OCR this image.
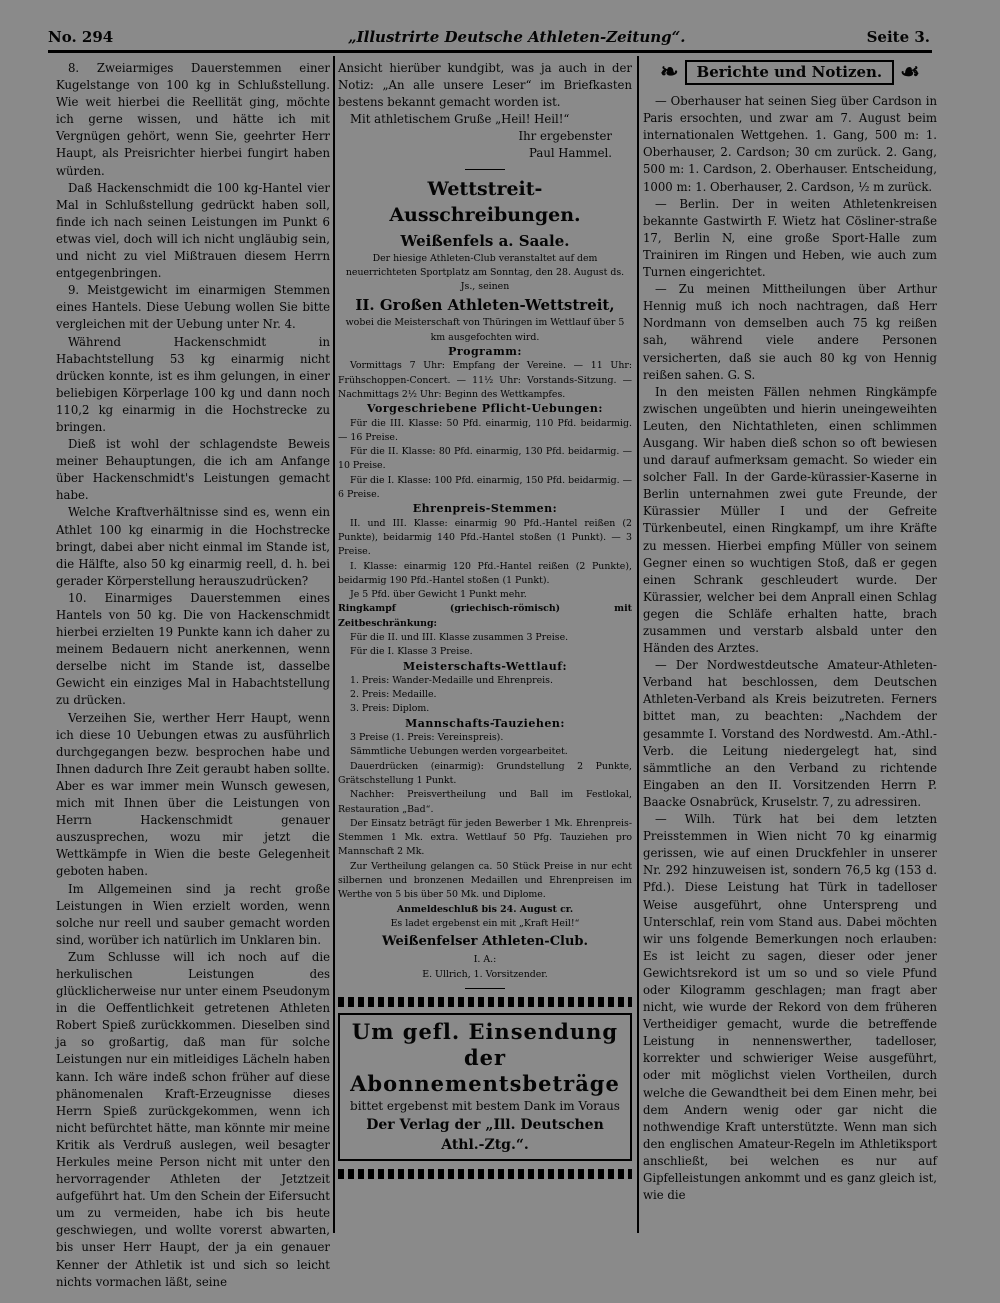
No. 294	„Illustrirte Deutsche Athleten-Zeitung“.	Seite 3.

8. Zweiarmiges Dauerstemmen einer Kugelstange von 100 kg in Schlußstellung. Wie weit hierbei die Reellität ging, möchte ich gerne wissen, und hätte ich mit Vergnügen gehört, wenn Sie, geehrter Herr Haupt, als Preisrichter hierbei fungirt haben würden.

Daß Hackenschmidt die 100 kg-Hantel vier Mal in Schlußstellung gedrückt haben soll, finde ich nach seinen Leistungen im Punkt 6 etwas viel, doch will ich nicht ungläubig sein, und nicht zu viel Mißtrauen diesem Herrn entgegenbringen.

9. Meistgewicht im einarmigen Stemmen eines Hantels. Diese Uebung wollen Sie bitte vergleichen mit der Uebung unter Nr. 4.

Während Hackenschmidt in Habachtstellung 53 kg einarmig nicht drücken konnte, ist es ihm gelungen, in einer beliebigen Körperlage 100 kg und dann noch 110,2 kg einarmig in die Hochstrecke zu bringen.

Dieß ist wohl der schlagendste Beweis meiner Behauptungen, die ich am Anfange über Hackenschmidt's Leistungen gemacht habe.

Welche Kraftverhältnisse sind es, wenn ein Athlet 100 kg einarmig in die Hochstrecke bringt, dabei aber nicht einmal im Stande ist, die Hälfte, also 50 kg einarmig reell, d. h. bei gerader Körperstellung herauszudrücken?

10. Einarmiges Dauerstemmen eines Hantels von 50 kg. Die von Hackenschmidt hierbei erzielten 19 Punkte kann ich daher zu meinem Bedauern nicht anerkennen, wenn derselbe nicht im Stande ist, dasselbe Gewicht ein einziges Mal in Habachtstellung zu drücken.

Verzeihen Sie, werther Herr Haupt, wenn ich diese 10 Uebungen etwas zu ausführlich durchgegangen bezw. besprochen habe und Ihnen dadurch Ihre Zeit geraubt haben sollte. Aber es war immer mein Wunsch gewesen, mich mit Ihnen über die Leistungen von Herrn Hackenschmidt genauer auszusprechen, wozu mir jetzt die Wettkämpfe in Wien die beste Gelegenheit geboten haben.

Im Allgemeinen sind ja recht große Leistungen in Wien erzielt worden, wenn solche nur reell und sauber gemacht worden sind, worüber ich natürlich im Unklaren bin.

Zum Schlusse will ich noch auf die herkulischen Leistungen des glücklicherweise nur unter einem Pseudonym in die Oeffentlichkeit getretenen Athleten Robert Spieß zurückkommen. Dieselben sind ja so großartig, daß man für solche Leistungen nur ein mitleidiges Lächeln haben kann. Ich wäre indeß schon früher auf diese phänomenalen Kraft-Erzeugnisse dieses Herrn Spieß zurückgekommen, wenn ich nicht befürchtet hätte, man könnte mir meine Kritik als Verdruß auslegen, weil besagter Herkules meine Person nicht mit unter den hervorragender Athleten der Jetztzeit aufgeführt hat. Um den Schein der Eifersucht um zu vermeiden, habe ich bis heute geschwiegen, und wollte vorerst abwarten, bis unser Herr Haupt, der ja ein genauer Kenner der Athletik ist und sich so leicht nichts vormachen läßt, seine

Ansicht hierüber kundgibt, was ja auch in der Notiz: „An alle unsere Leser“ im Briefkasten bestens bekannt gemacht worden ist.

Mit athletischem Gruße „Heil! Heil!“

Ihr ergebenster

Paul Hammel.

Wettstreit-Ausschreibungen.
Weißenfels a. Saale.

Der hiesige Athleten-Club veranstaltet auf dem neuerrichteten Sportplatz am Sonntag, den 28. August ds. Js., seinen

II. Großen Athleten-Wettstreit,

wobei die Meisterschaft von Thüringen im Wettlauf über 5 km ausgefochten wird.

Programm:

Vormittags 7 Uhr: Empfang der Vereine. — 11 Uhr: Frühschoppen-Concert. — 11½ Uhr: Vorstands-Sitzung. — Nachmittags 2½ Uhr: Beginn des Wettkampfes.

Vorgeschriebene Pflicht-Uebungen:

Für die III. Klasse: 50 Pfd. einarmig, 110 Pfd. beidarmig. — 16 Preise.

Für die II. Klasse: 80 Pfd. einarmig, 130 Pfd. beidarmig. — 10 Preise.

Für die I. Klasse: 100 Pfd. einarmig, 150 Pfd. beidarmig. — 6 Preise.

Ehrenpreis-Stemmen:

II. und III. Klasse: einarmig 90 Pfd.-Hantel reißen (2 Punkte), beidarmig 140 Pfd.-Hantel stoßen (1 Punkt). — 3 Preise.

I. Klasse: einarmig 120 Pfd.-Hantel reißen (2 Punkte), beidarmig 190 Pfd.-Hantel stoßen (1 Punkt).

Je 5 Pfd. über Gewicht 1 Punkt mehr.

Ringkampf (griechisch-römisch) mit Zeitbeschränkung:

Für die II. und III. Klasse zusammen 3 Preise.

Für die I. Klasse 3 Preise.

Meisterschafts-Wettlauf:

1. Preis: Wander-Medaille und Ehrenpreis.

2. Preis: Medaille.

3. Preis: Diplom.

Mannschafts-Tauziehen:

3 Preise (1. Preis: Vereinspreis).

Sämmtliche Uebungen werden vorgearbeitet.

Dauerdrücken (einarmig): Grundstellung 2 Punkte, Grätschstellung 1 Punkt.

Nachher: Preisvertheilung und Ball im Festlokal, Restauration „Bad“.

Der Einsatz beträgt für jeden Bewerber 1 Mk. Ehrenpreis-Stemmen 1 Mk. extra. Wettlauf 50 Pfg. Tauziehen pro Mannschaft 2 Mk.

Zur Vertheilung gelangen ca. 50 Stück Preise in nur echt silbernen und bronzenen Medaillen und Ehrenpreisen im Werthe von 5 bis über 50 Mk. und Diplome.

Anmeldeschluß bis 24. August cr.

Es ladet ergebenst ein mit „Kraft Heil!“

Weißenfelser Athleten-Club.

I. A.:

E. Ullrich, 1. Vorsitzender.

Um gefl. Einsendung der
Abonnementsbeträge
bittet ergebenst mit bestem Dank im Voraus
Der Verlag der „Ill. Deutschen Athl.-Ztg.“.
❧	Berichte und Notizen. ☙

— Oberhauser hat seinen Sieg über Cardson in Paris ersochten, und zwar am 7. August beim internationalen Wettgehen. 1. Gang, 500 m: 1. Oberhauser, 2. Cardson; 30 cm zurück. 2. Gang, 500 m: 1. Cardson, 2. Oberhauser. Entscheidung, 1000 m: 1. Oberhauser, 2. Cardson, ½ m zurück.

— Berlin. Der in weiten Athletenkreisen bekannte Gastwirth F. Wietz hat Cösliner-straße 17, Berlin N, eine große Sport-Halle zum Trainiren im Ringen und Heben, wie auch zum Turnen eingerichtet.

— Zu meinen Mittheilungen über Arthur Hennig muß ich noch nachtragen, daß Herr Nordmann von demselben auch 75 kg reißen sah, während viele andere Personen versicherten, daß sie auch 80 kg von Hennig reißen sahen. G. S.

In den meisten Fällen nehmen Ringkämpfe zwischen ungeübten und hierin uneingeweihten Leuten, den Nichtathleten, einen schlimmen Ausgang. Wir haben dieß schon so oft bewiesen und darauf aufmerksam gemacht. So wieder ein solcher Fall. In der Garde-kürassier-Kaserne in Berlin unternahmen zwei gute Freunde, der Kürassier Müller I und der Gefreite Türkenbeutel, einen Ringkampf, um ihre Kräfte zu messen. Hierbei empfing Müller von seinem Gegner einen so wuchtigen Stoß, daß er gegen einen Schrank geschleudert wurde. Der Kürassier, welcher bei dem Anprall einen Schlag gegen die Schläfe erhalten hatte, brach zusammen und verstarb alsbald unter den Händen des Arztes.

— Der Nordwestdeutsche Amateur-Athleten-Verband hat beschlossen, dem Deutschen Athleten-Verband als Kreis beizutreten. Ferners bittet man, zu beachten: „Nachdem der gesammte I. Vorstand des Nordwestd. Am.-Athl.-Verb. die Leitung niedergelegt hat, sind sämmtliche an den Verband zu richtende Eingaben an den II. Vorsitzenden Herrn P. Baacke Osnabrück, Kruselstr. 7, zu adressiren.

— Wilh. Türk hat bei dem letzten Preisstemmen in Wien nicht 70 kg einarmig gerissen, wie auf einen Druckfehler in unserer Nr. 292 hinzuweisen ist, sondern 76,5 kg (153 d. Pfd.). Diese Leistung hat Türk in tadelloser Weise ausgeführt, ohne Unterspreng und Unterschlaf, rein vom Stand aus. Dabei möchten wir uns folgende Bemerkungen noch erlauben: Es ist leicht zu sagen, dieser oder jener Gewichtsrekord ist um so und so viele Pfund oder Kilogramm geschlagen; man fragt aber nicht, wie wurde der Rekord von dem früheren Vertheidiger gemacht, wurde die betreffende Leistung in nennenswerther, tadelloser, korrekter und schwieriger Weise ausgeführt, oder mit möglichst vielen Vortheilen, durch welche die Gewandtheit bei dem Einen mehr, bei dem Andern wenig oder gar nicht die nothwendige Kraft unterstützte. Wenn man sich den englischen Amateur-Regeln im Athletiksport anschließt, bei welchen es nur auf Gipfelleistungen ankommt und es ganz gleich ist, wie die
